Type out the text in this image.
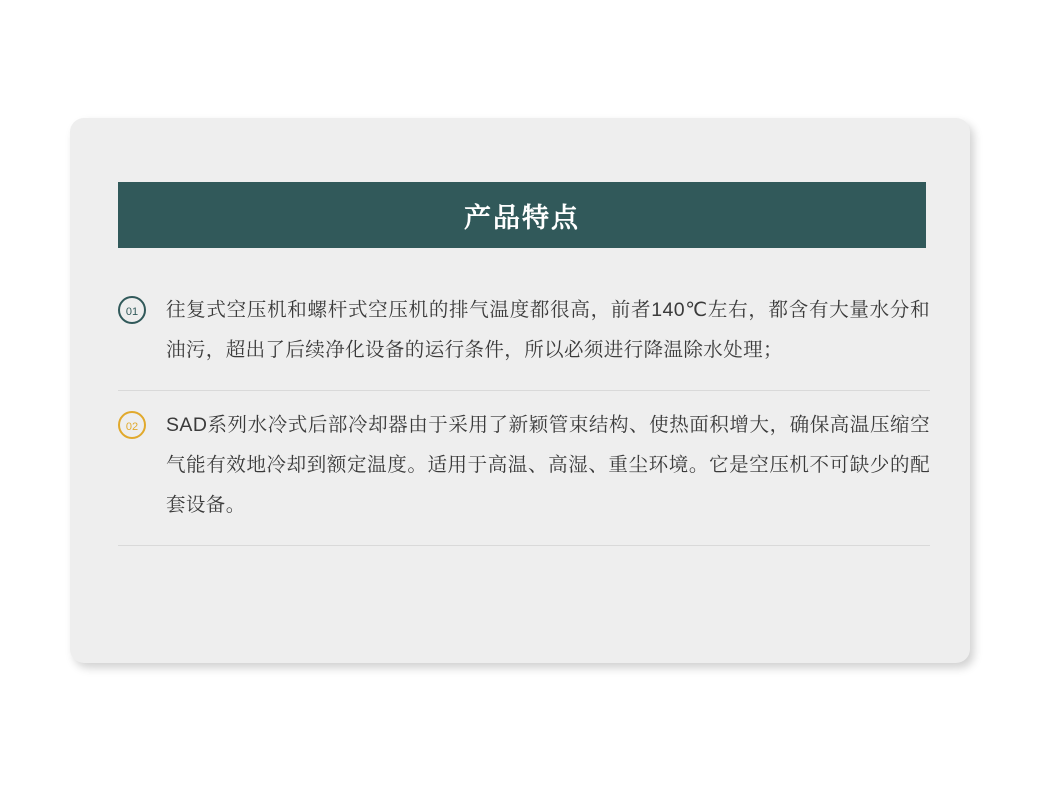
产品特点
01	往复式空压机和螺杆式空压机的排气温度都很高，前者140℃左右，都含有大量水分和油污，超出了后续净化设备的运行条件，所以必须进行降温除水处理；
02	SAD系列水冷式后部冷却器由于采用了新颖管束结构、使热面积增大，确保高温压缩空气能有效地冷却到额定温度。适用于高温、高湿、重尘环境。它是空压机不可缺少的配套设备。
